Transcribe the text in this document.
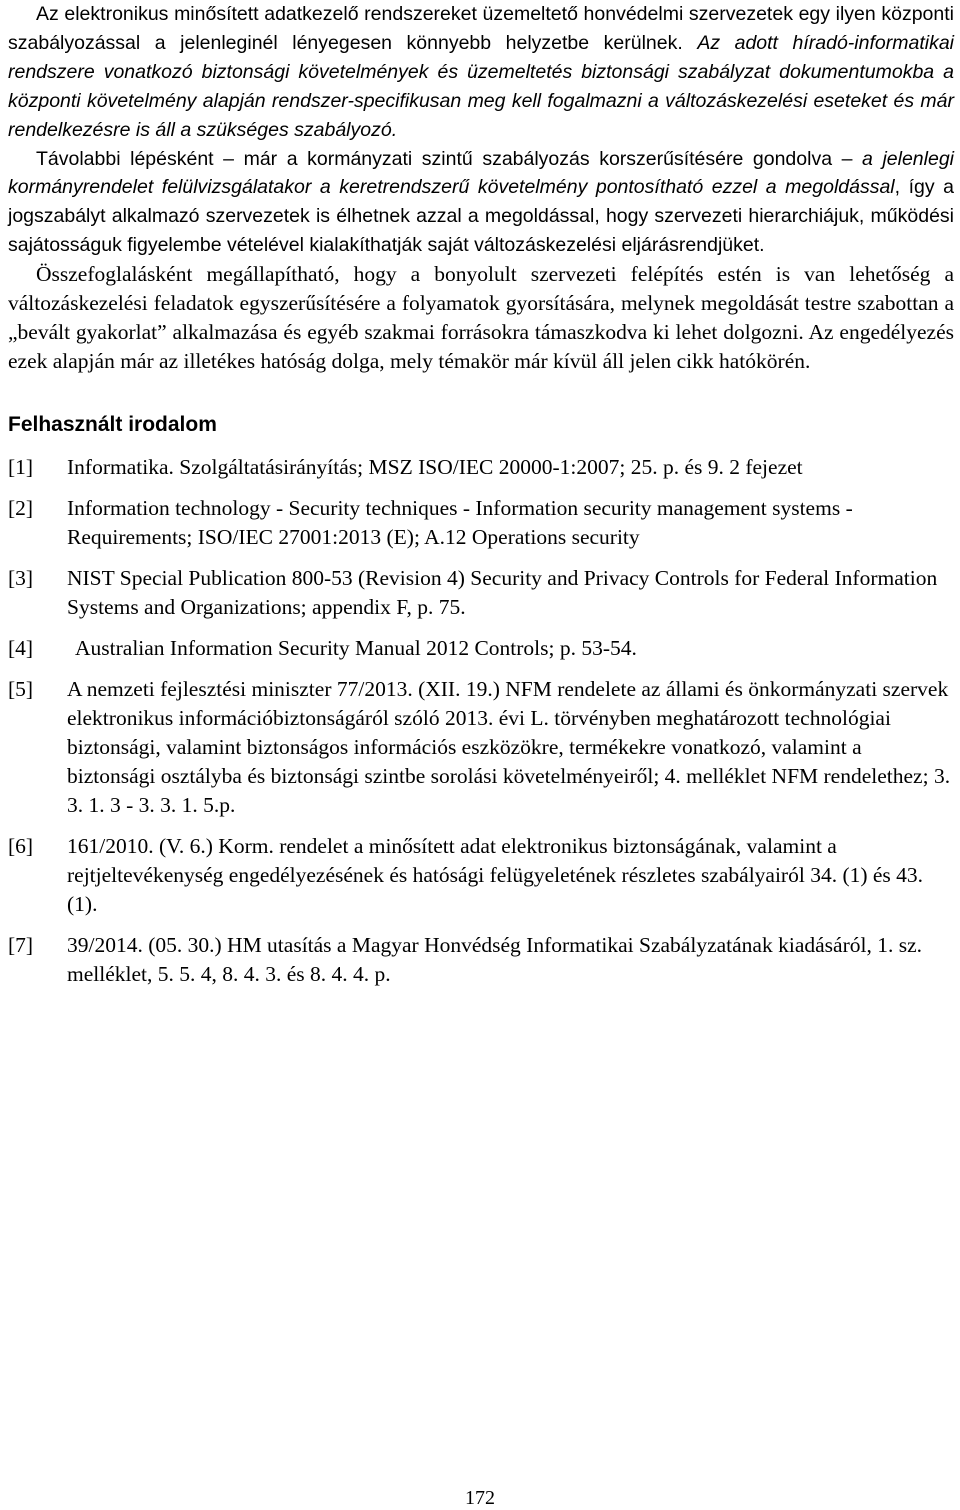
Az elektronikus minősített adatkezelő rendszereket üzemeltető honvédelmi szervezetek egy ilyen központi szabályozással a jelenleginél lényegesen könnyebb helyzetbe kerülnek. Az adott híradó-informatikai rendszere vonatkozó biztonsági követelmények és üzemeltetés biztonsági szabályzat dokumentumokba a központi követelmény alapján rendszer-specifikusan meg kell fogalmazni a változáskezelési eseteket és már rendelkezésre is áll a szükséges szabályozó.

Távolabbi lépésként – már a kormányzati szintű szabályozás korszerűsítésére gondolva – a jelenlegi kormányrendelet felülvizsgálatakor a keretrendszerű követelmény pontosítható ezzel a megoldással, így a jogszabályt alkalmazó szervezetek is élhetnek azzal a megoldással, hogy szervezeti hierarchiájuk, működési sajátosságuk figyelembe vételével kialakíthatják saját változáskezelési eljárásrendjüket.

Összefoglalásként megállapítható, hogy a bonyolult szervezeti felépítés estén is van lehetőség a változáskezelési feladatok egyszerűsítésére a folyamatok gyorsítására, melynek megoldását testre szabottan a „bevált gyakorlat” alkalmazása és egyéb szakmai forrásokra támaszkodva ki lehet dolgozni. Az engedélyezés ezek alapján már az illetékes hatóság dolga, mely témakör már kívül áll jelen cikk hatókörén.

Felhasznált irodalom
[1]	Informatika. Szolgáltatásirányítás; MSZ ISO/IEC 20000-1:2007; 25. p. és 9. 2 fejezet
[2]	Information technology - Security techniques - Information security management systems - Requirements; ISO/IEC 27001:2013 (E); A.12 Operations security
[3]	NIST Special Publication 800-53 (Revision 4) Security and Privacy Controls for Federal Information Systems and Organizations; appendix F, p. 75.
[4]	Australian Information Security Manual 2012 Controls; p. 53-54.
[5]	A nemzeti fejlesztési miniszter 77/2013. (XII. 19.) NFM rendelete az állami és önkormányzati szervek elektronikus információbiztonságáról szóló 2013. évi L. törvényben meghatározott technológiai biztonsági, valamint biztonságos információs eszközökre, termékekre vonatkozó, valamint a biztonsági osztályba és biztonsági szintbe sorolási követelményeiről; 4. melléklet NFM rendelethez; 3. 3. 1. 3 - 3. 3. 1. 5.p.
[6]	161/2010. (V. 6.) Korm. rendelet a minősített adat elektronikus biztonságának, valamint a rejtjeltevékenység engedélyezésének és hatósági felügyeletének részletes szabályairól 34. (1) és 43. (1).
[7]	39/2014. (05. 30.) HM utasítás a Magyar Honvédség Informatikai Szabályzatának kiadásáról, 1. sz. melléklet, 5. 5. 4, 8. 4. 3. és 8. 4. 4. p.
172
